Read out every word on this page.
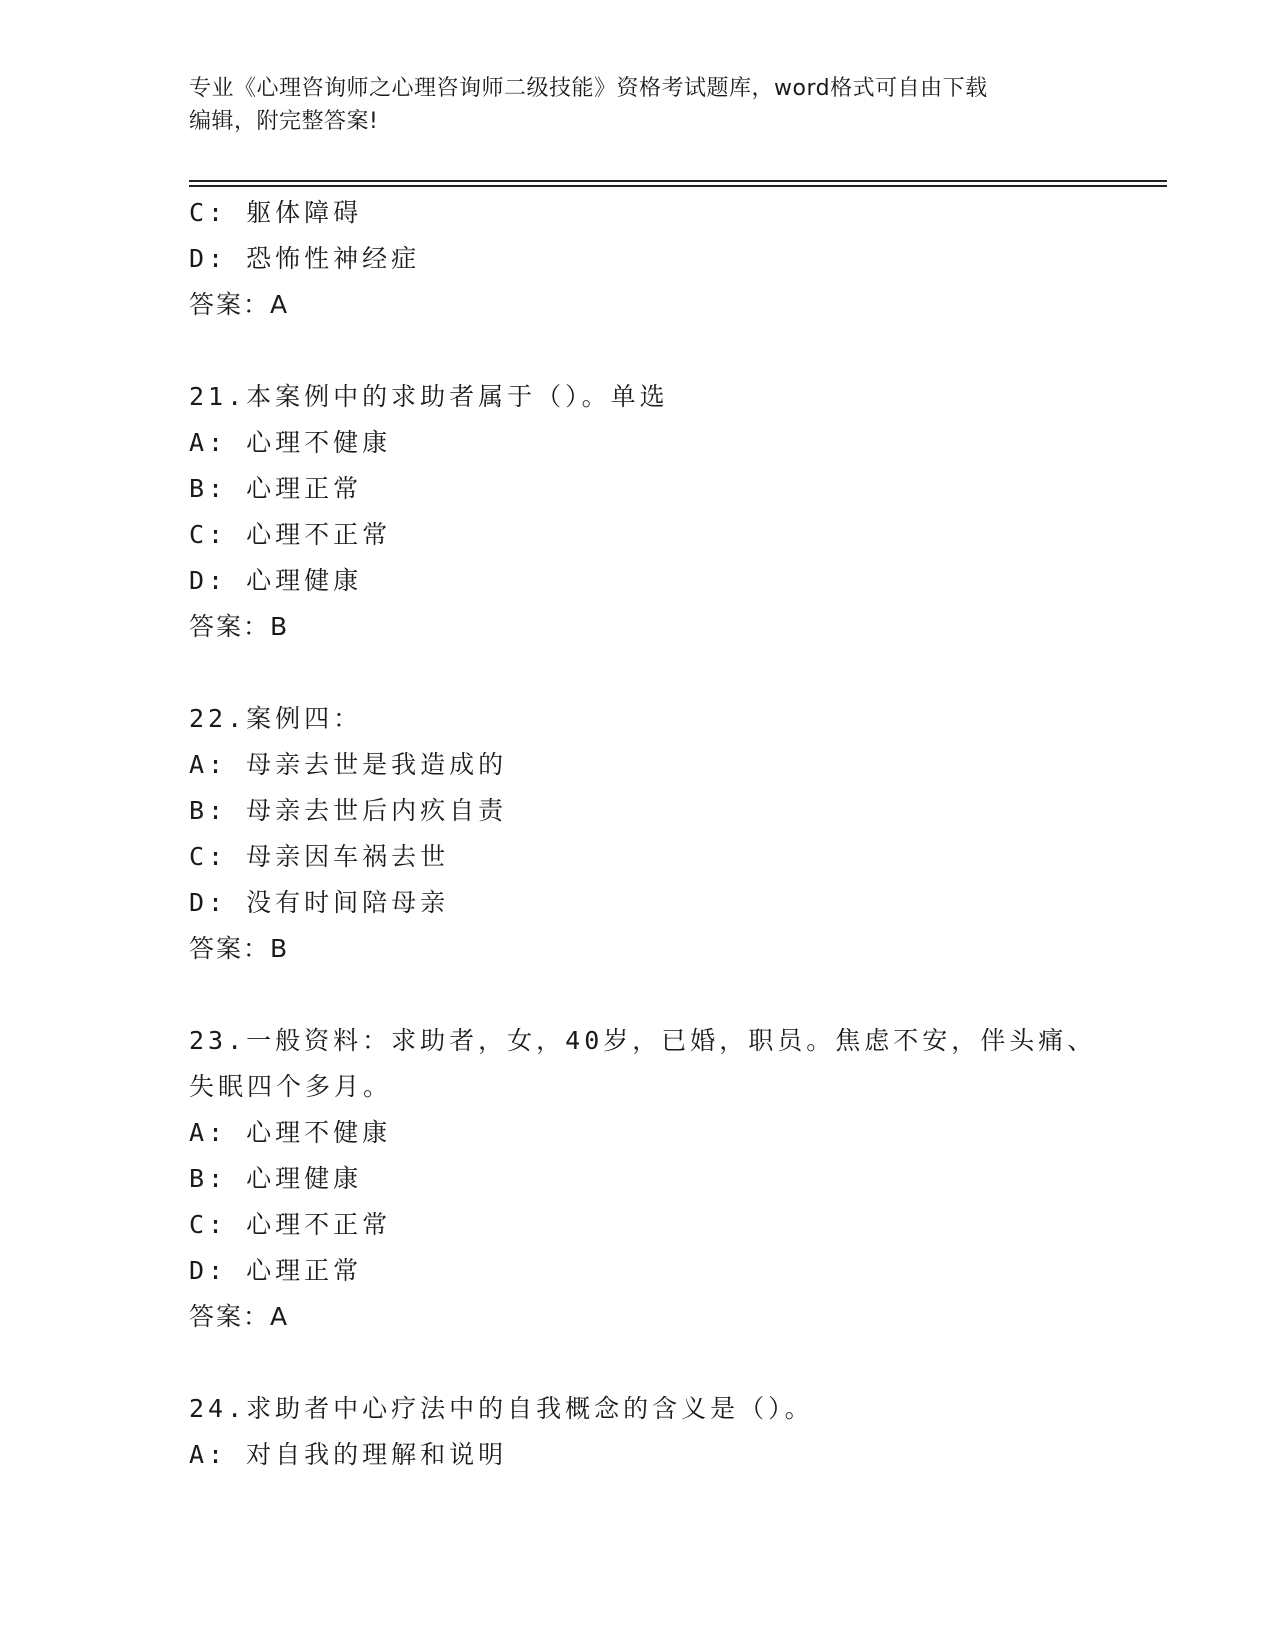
专业《心理咨询师之心理咨询师二级技能》资格考试题库，word格式可自由下载
编辑，附完整答案!
C: 躯体障碍
D: 恐怖性神经症
答案：A
21.本案例中的求助者属于（）。单选
A: 心理不健康
B: 心理正常
C: 心理不正常
D: 心理健康
答案：B
22.案例四：
A: 母亲去世是我造成的
B: 母亲去世后内疚自责
C: 母亲因车祸去世
D: 没有时间陪母亲
答案：B
23.一般资料：求助者，女，40岁，已婚，职员。焦虑不安，伴头痛、
失眠四个多月。
A: 心理不健康
B: 心理健康
C: 心理不正常
D: 心理正常
答案：A
24.求助者中心疗法中的自我概念的含义是（）。
A: 对自我的理解和说明
